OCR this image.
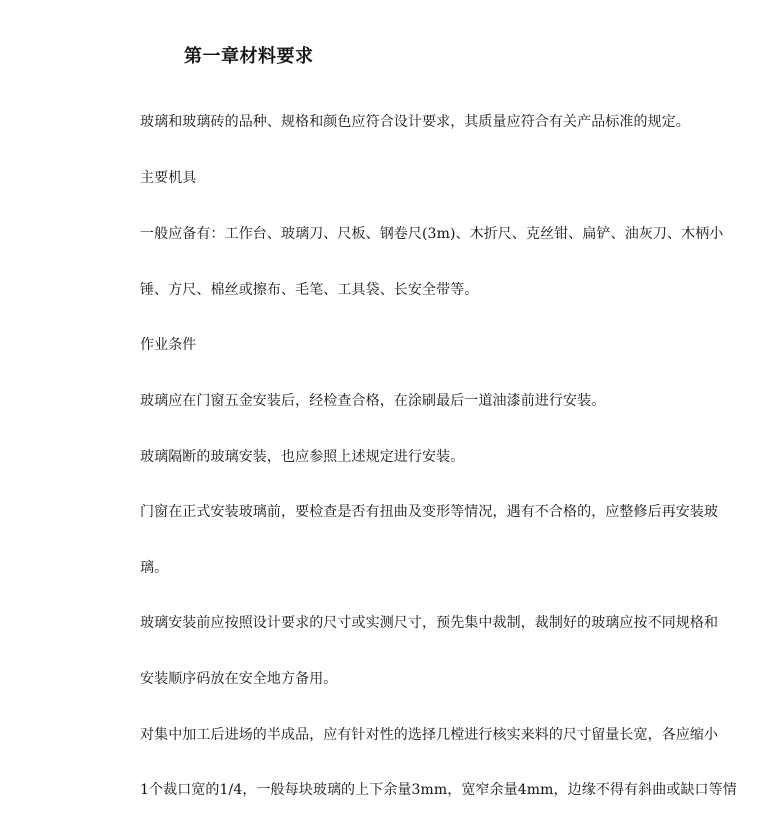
第一章材料要求
玻璃和玻璃砖的品种、规格和颜色应符合设计要求，其质量应符合有关产品标准的规定。
主要机具
一般应备有：工作台、玻璃刀、尺板、钢卷尺(3m)、木折尺、克丝钳、扁铲、油灰刀、木柄小
锤、方尺、棉丝或擦布、毛笔、工具袋、长安全带等。
作业条件
玻璃应在门窗五金安装后，经检查合格，在涂刷最后一道油漆前进行安装。
玻璃隔断的玻璃安装，也应参照上述规定进行安装。
门窗在正式安装玻璃前，要检查是否有扭曲及变形等情况，遇有不合格的，应整修后再安装玻
璃。
玻璃安装前应按照设计要求的尺寸或实测尺寸，预先集中裁制，裁制好的玻璃应按不同规格和
安装顺序码放在安全地方备用。
对集中加工后进场的半成品，应有针对性的选择几樘进行核实来料的尺寸留量长宽，各应缩小
1个裁口宽的1/4，一般每块玻璃的上下余量3mm，宽窄余量4mm，边缘不得有斜曲或缺口等情
